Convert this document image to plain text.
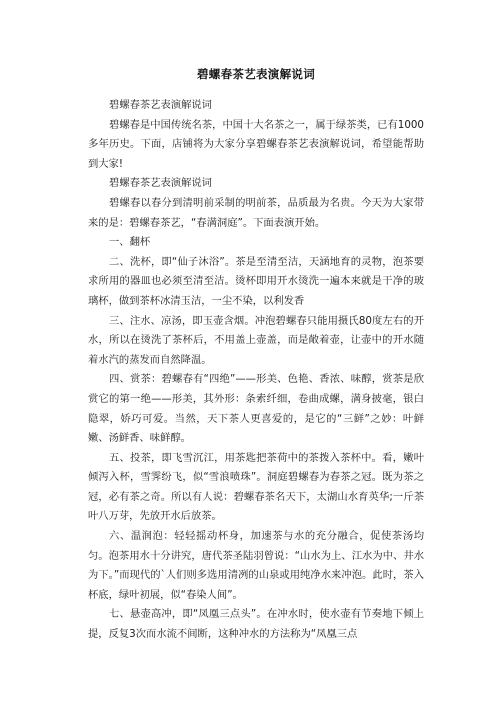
碧螺春茶艺表演解说词

碧螺春茶艺表演解说词

碧螺春是中国传统名茶，中国十大名茶之一，属于绿茶类，已有1000多年历史。下面，店铺将为大家分享碧螺春茶艺表演解说词，希望能帮助到大家!

碧螺春茶艺表演解说词

碧螺春以春分到清明前采制的明前茶，品质最为名贵。今天为大家带来的是：碧螺春茶艺，“春满洞庭”。下面表演开始。

一、翻杯

二、洗杯，即“仙子沐浴”。茶是至清至洁，天涵地育的灵物，泡茶要求所用的器皿也必须至清至洁。烫杯即用开水烫洗一遍本来就是干净的玻璃杯，做到茶杯冰清玉洁，一尘不染，以利发香

三、注水、凉汤，即玉壶含烟。冲泡碧螺春只能用摄氏80度左右的开水，所以在烫洗了茶杯后，不用盖上壶盖，而是敞着壶，让壶中的开水随着水汽的蒸发而自然降温。

四、赏茶：碧螺春有“四绝”——形美、色艳、香浓、味醇，赏茶是欣赏它的第一绝——形美，其外形：条索纤细，卷曲成螺，满身披毫，银白隐翠，娇巧可爱。当然，天下茶人更喜爱的，是它的“三鲜”之妙：叶鲜嫩、汤鲜香、味鲜醇。

五、投茶，即飞雪沉江，用茶匙把茶荷中的茶拨入茶杯中。看，嫩叶倾泻入杯，雪霁纷飞，似“雪浪喷珠”。洞庭碧螺春为春茶之冠。既为茶之冠，必有茶之奇。所以有人说：碧螺春茶名天下，太湖山水育英华;一斤茶叶八万芽，先放开水后放茶。

六、温润泡：轻轻摇动杯身，加速茶与水的充分融合，促使茶汤均匀。泡茶用水十分讲究，唐代茶圣陆羽曾说：“山水为上、江水为中、井水为下。”而现代的`人们则多选用清冽的山泉或用纯净水来冲泡。此时，茶入杯底，绿叶初展，似“春染人间”。

七、悬壶高冲，即“凤凰三点头”。在冲水时，使水壶有节奏地下倾上提，反复3次而水流不间断，这种冲水的方法称为“凤凰三点
